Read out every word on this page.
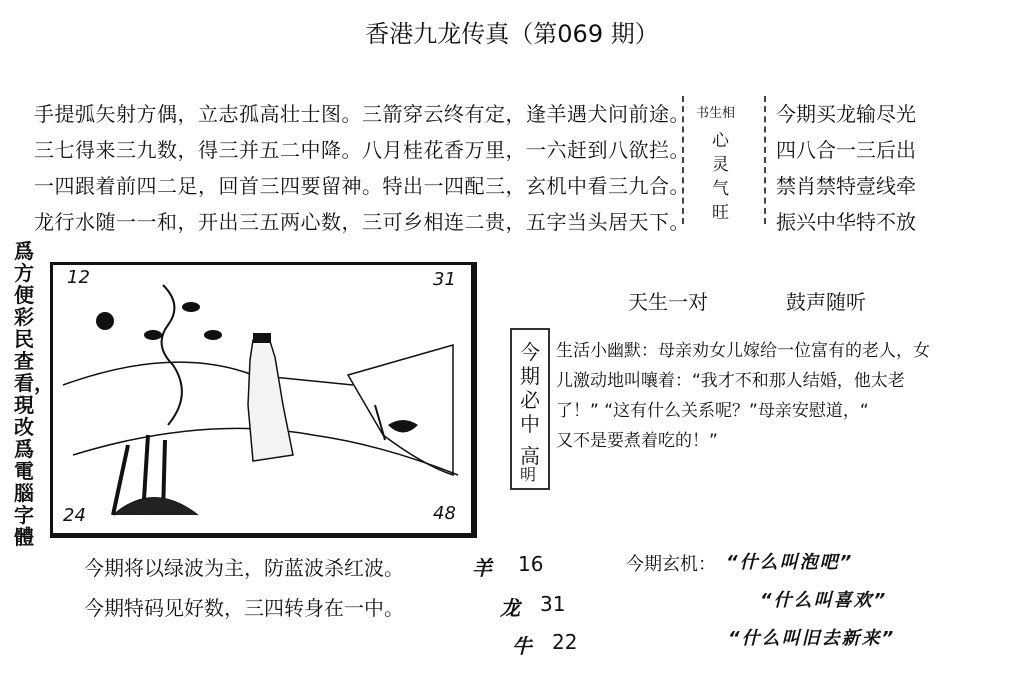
香港九龙传真（第069 期）
手提弧矢射方偶，立志孤高壮士图。三箭穿云终有定，逢羊遇犬问前途。
三七得来三九数，得三并五二中降。八月桂花香万里，一六赶到八欲拦。
一四跟着前四二足，回首三四要留神。特出一四配三，玄机中看三九合。
龙行水随一一和，开出三五两心数，三可乡相连二贵，五字当头居天下。
书生相
心
灵
气
旺
今期买龙输尽光
四八合一三后出
禁肖禁特壹线牵
振兴中华特不放
爲方便彩民查看，現改爲電腦字體
12	31
24	48
天生一对	鼓声随听
今
期
必
中
高
明
生活小幽默：母亲劝女儿嫁给一位富有的老人，女
儿激动地叫嚷着：“我才不和那人结婚，他太老
了！” “这有什么关系呢？”母亲安慰道，“
又不是要煮着吃的！”
今期将以绿波为主，防蓝波杀红波。
今期特码见好数，三四转身在一中。
羊 16
龙 31
牛 22
今期玄机： “什么叫泡吧”
“什么叫喜欢”
“什么叫旧去新来”
